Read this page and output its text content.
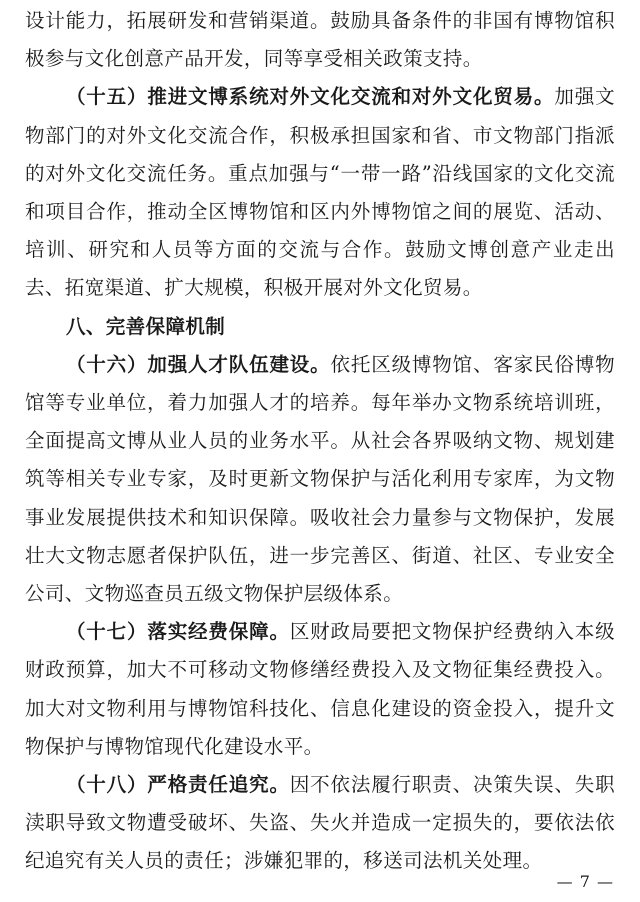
设计能力，拓展研发和营销渠道。鼓励具备条件的非国有博物馆积极参与文化创意产品开发，同等享受相关政策支持。

（十五）推进文博系统对外文化交流和对外文化贸易。加强文物部门的对外文化交流合作，积极承担国家和省、市文物部门指派的对外文化交流任务。重点加强与“一带一路”沿线国家的文化交流和项目合作，推动全区博物馆和区内外博物馆之间的展览、活动、培训、研究和人员等方面的交流与合作。鼓励文博创意产业走出去、拓宽渠道、扩大规模，积极开展对外文化贸易。

八、完善保障机制

（十六）加强人才队伍建设。依托区级博物馆、客家民俗博物馆等专业单位，着力加强人才的培养。每年举办文物系统培训班，全面提高文博从业人员的业务水平。从社会各界吸纳文物、规划建筑等相关专业专家，及时更新文物保护与活化利用专家库，为文物事业发展提供技术和知识保障。吸收社会力量参与文物保护，发展壮大文物志愿者保护队伍，进一步完善区、街道、社区、专业安全公司、文物巡查员五级文物保护层级体系。

（十七）落实经费保障。区财政局要把文物保护经费纳入本级财政预算，加大不可移动文物修缮经费投入及文物征集经费投入。加大对文物利用与博物馆科技化、信息化建设的资金投入，提升文物保护与博物馆现代化建设水平。

（十八）严格责任追究。因不依法履行职责、决策失误、失职渎职导致文物遭受破坏、失盗、失火并造成一定损失的，要依法依纪追究有关人员的责任；涉嫌犯罪的，移送司法机关处理。

— 7 —
